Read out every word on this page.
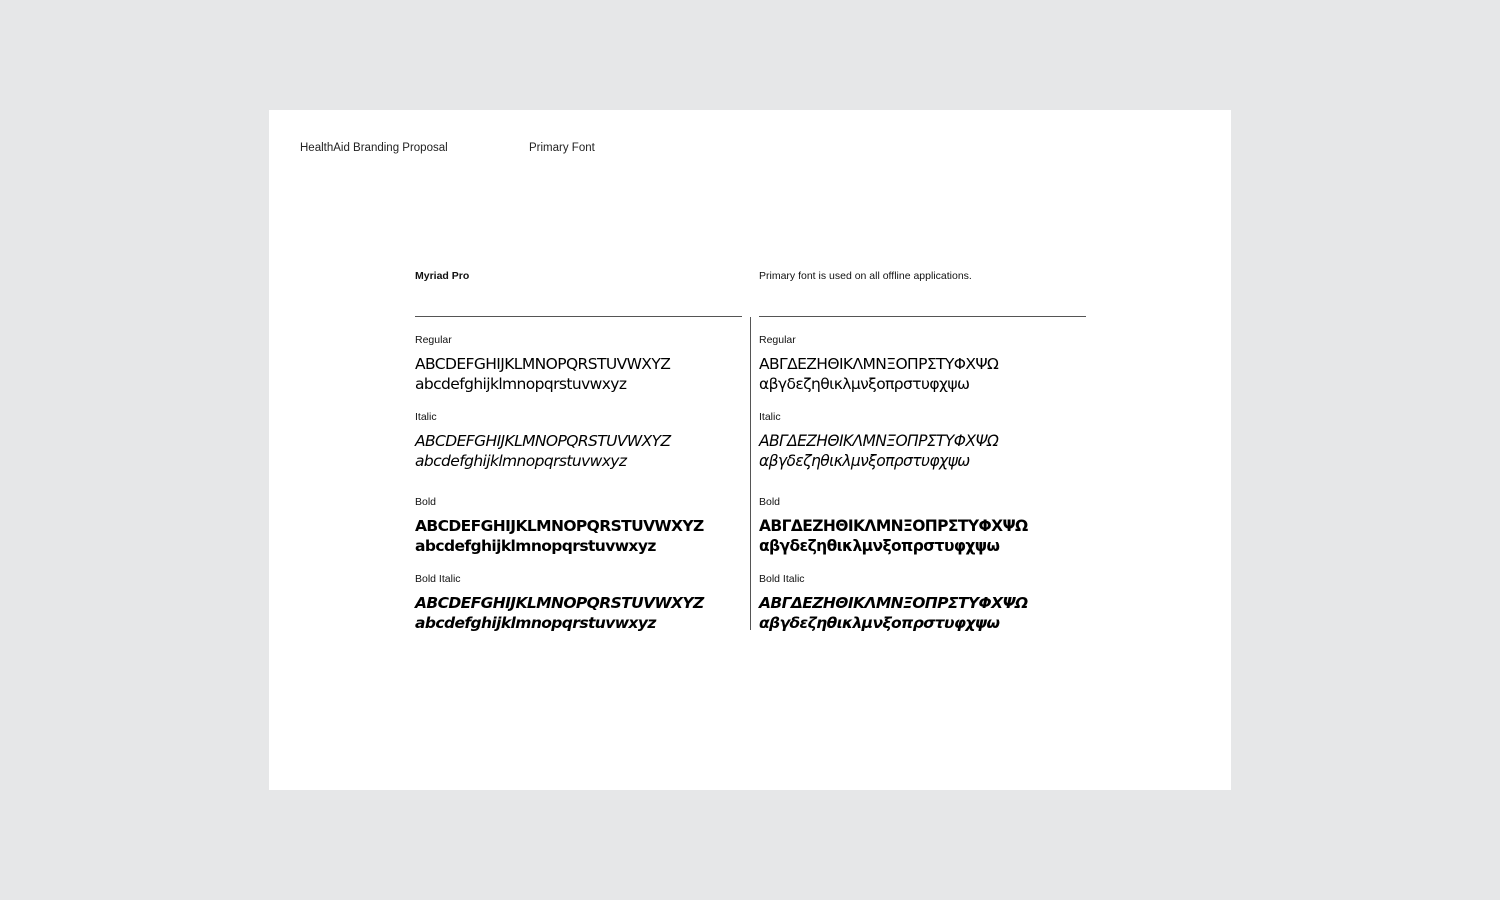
HealthAid Branding Proposal	Primary Font
Myriad Pro	Primary font is used on all offline applications.
Regular
ABCDEFGHIJKLMNOPQRSTUVWXYZ
abcdefghijklmnopqrstuvwxyz
Italic
ABCDEFGHIJKLMNOPQRSTUVWXYZ
abcdefghijklmnopqrstuvwxyz
Bold
ABCDEFGHIJKLMNOPQRSTUVWXYZ
abcdefghijklmnopqrstuvwxyz
Bold Italic
ABCDEFGHIJKLMNOPQRSTUVWXYZ
abcdefghijklmnopqrstuvwxyz
Regular
ΑΒΓΔΕΖΗΘΙΚΛΜΝΞΟΠΡΣΤΥΦΧΨΩ
αβγδεζηθικλμνξοπρστυφχψω
Italic
ΑΒΓΔΕΖΗΘΙΚΛΜΝΞΟΠΡΣΤΥΦΧΨΩ
αβγδεζηθικλμνξοπρστυφχψω
Bold
ΑΒΓΔΕΖΗΘΙΚΛΜΝΞΟΠΡΣΤΥΦΧΨΩ
αβγδεζηθικλμνξοπρστυφχψω
Bold Italic
ΑΒΓΔΕΖΗΘΙΚΛΜΝΞΟΠΡΣΤΥΦΧΨΩ
αβγδεζηθικλμνξοπρστυφχψω
